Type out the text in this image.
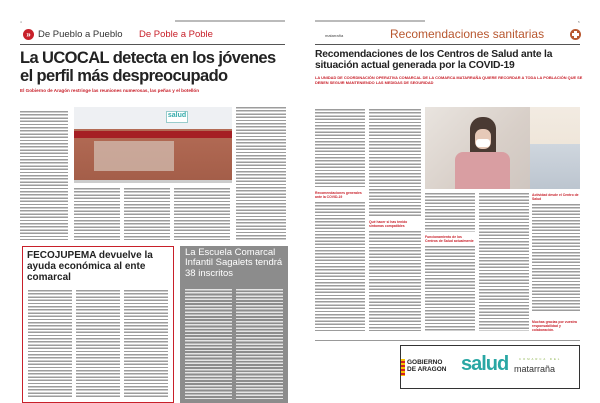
4
» De Pueblo a Pueblo De Poble a Poble
La UCOCAL detecta en los jóvenes el perfil más despreocupado
El Gobierno de Aragón restringe las reuniones numerosas, las peñas y el botellón
salud
FECOJUPEMA devuelve la ayuda económica al ente comarcal
La Escuela Comarcal Infantil Sagalets tendrá 38 inscritos
5
matarraña	Recomendaciones sanitarias
Recomendaciones de los Centros de Salud ante la situación actual generada por la COVID-19
LA UNIDAD DE COORDINACIÓN OPERATIVA COMARCAL DE LA COMARCA MATARRAÑA QUIERE RECORDAR A TODA LA POBLACIÓN QUE SE DEBEN SEGUIR MANTENIENDO LAS MEDIDAS DE SEGURIDAD
Recomendaciones generales ante la COVID-19
Qué hacer si has tenido síntomas compatibles
Funcionamiento de los Centros de Salud actualmente
Actividad desde el Centro de Salud
Muchas gracias por vuestra responsabilidad y colaboración.
GOBIERNO
DE ARAGON salud	COMARCA DEL
matarraña
